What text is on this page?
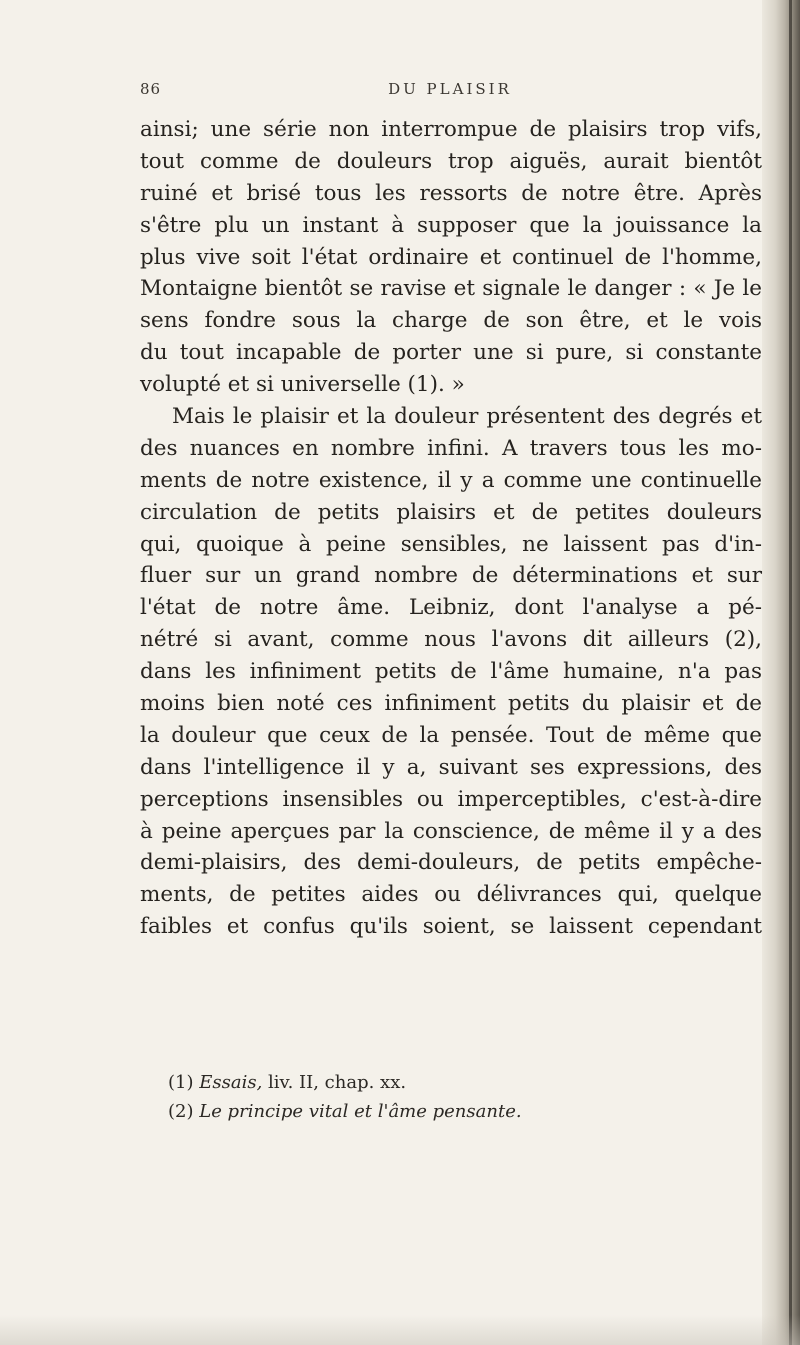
86	DU PLAISIR
ainsi; une série non interrompue de plaisirs trop vifs,
tout comme de douleurs trop aiguës, aurait bientôt
ruiné et brisé tous les ressorts de notre être. Après
s'être plu un instant à supposer que la jouissance la
plus vive soit l'état ordinaire et continuel de l'homme,
Montaigne bientôt se ravise et signale le danger : « Je le
sens fondre sous la charge de son être, et le vois
du tout incapable de porter une si pure, si constante
volupté et si universelle (1). »
Mais le plaisir et la douleur présentent des degrés et
des nuances en nombre infini. A travers tous les mo-
ments de notre existence, il y a comme une continuelle
circulation de petits plaisirs et de petites douleurs
qui, quoique à peine sensibles, ne laissent pas d'in-
fluer sur un grand nombre de déterminations et sur
l'état de notre âme. Leibniz, dont l'analyse a pé-
nétré si avant, comme nous l'avons dit ailleurs (2),
dans les infiniment petits de l'âme humaine, n'a pas
moins bien noté ces infiniment petits du plaisir et de
la douleur que ceux de la pensée. Tout de même que
dans l'intelligence il y a, suivant ses expressions, des
perceptions insensibles ou imperceptibles, c'est-à-dire
à peine aperçues par la conscience, de même il y a des
demi-plaisirs, des demi-douleurs, de petits empêche-
ments, de petites aides ou délivrances qui, quelque
faibles et confus qu'ils soient, se laissent cependant
(1) Essais, liv. II, chap. xx.
(2) Le principe vital et l'âme pensante.
